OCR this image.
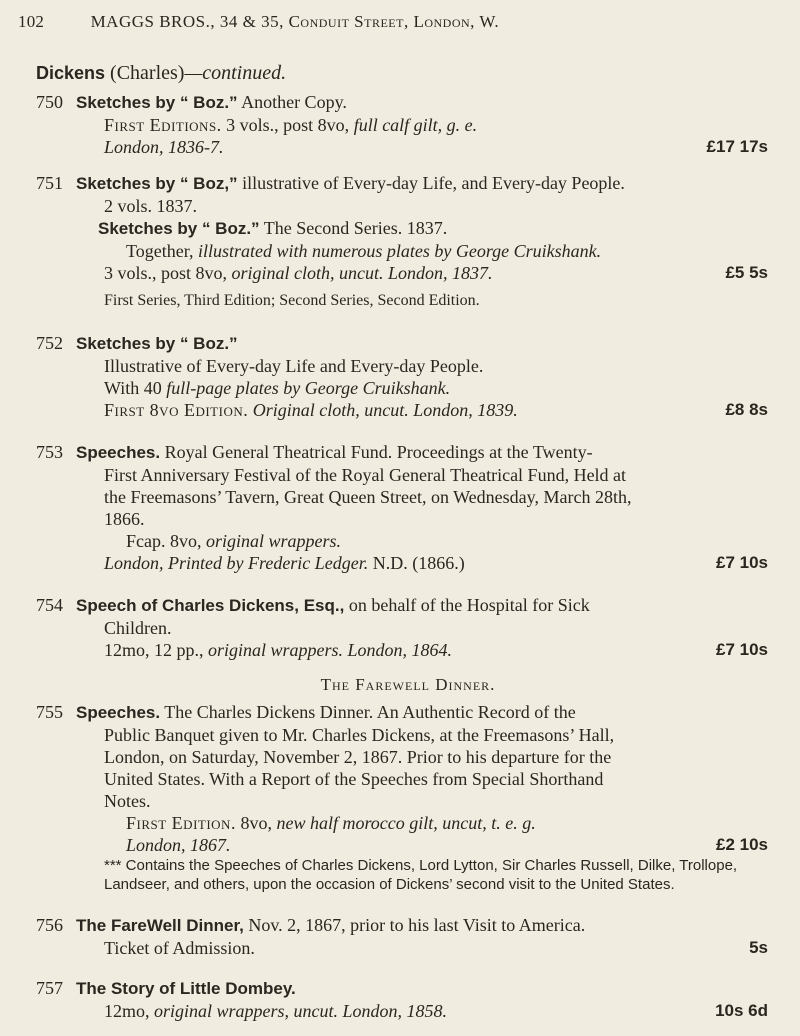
102	MAGGS BROS., 34 & 35, Conduit Street, London, W.
Dickens (Charles)—continued.
750 Sketches by “ Boz.” Another Copy.
First Editions. 3 vols., post 8vo, full calf gilt, g. e.
London, 1836-7.	£17 17s
751 Sketches by “ Boz,” illustrative of Every-day Life, and Every-day People.
2 vols. 1837.
Sketches by “ Boz.” The Second Series. 1837.
Together, illustrated with numerous plates by George Cruikshank.
3 vols., post 8vo, original cloth, uncut. London, 1837.	£5 5s
First Series, Third Edition; Second Series, Second Edition.
752 Sketches by “ Boz.”
Illustrative of Every-day Life and Every-day People.
With 40 full-page plates by George Cruikshank.
First 8vo Edition. Original cloth, uncut. London, 1839.	£8 8s
753 Speeches. Royal General Theatrical Fund. Proceedings at the Twenty-
First Anniversary Festival of the Royal General Theatrical Fund, Held at
the Freemasons’ Tavern, Great Queen Street, on Wednesday, March 28th,
1866.
Fcap. 8vo, original wrappers.
London, Printed by Frederic Ledger. N.D. (1866.)	£7 10s
754 Speech of Charles Dickens, Esq., on behalf of the Hospital for Sick
Children.
12mo, 12 pp., original wrappers. London, 1864.	£7 10s
The Farewell Dinner.
755 Speeches. The Charles Dickens Dinner. An Authentic Record of the
Public Banquet given to Mr. Charles Dickens, at the Freemasons’ Hall,
London, on Saturday, November 2, 1867. Prior to his departure for the
United States. With a Report of the Speeches from Special Shorthand
Notes.
First Edition. 8vo, new half morocco gilt, uncut, t. e. g.
London, 1867.	£2 10s
*** Contains the Speeches of Charles Dickens, Lord Lytton, Sir Charles Russell, Dilke, Trollope, Landseer, and others, upon the occasion of Dickens’ second visit to the United States.
756 The FareWell Dinner, Nov. 2, 1867, prior to his last Visit to America.
Ticket of Admission.	5s
757 The Story of Little Dombey.
12mo, original wrappers, uncut. London, 1858.	10s 6d
